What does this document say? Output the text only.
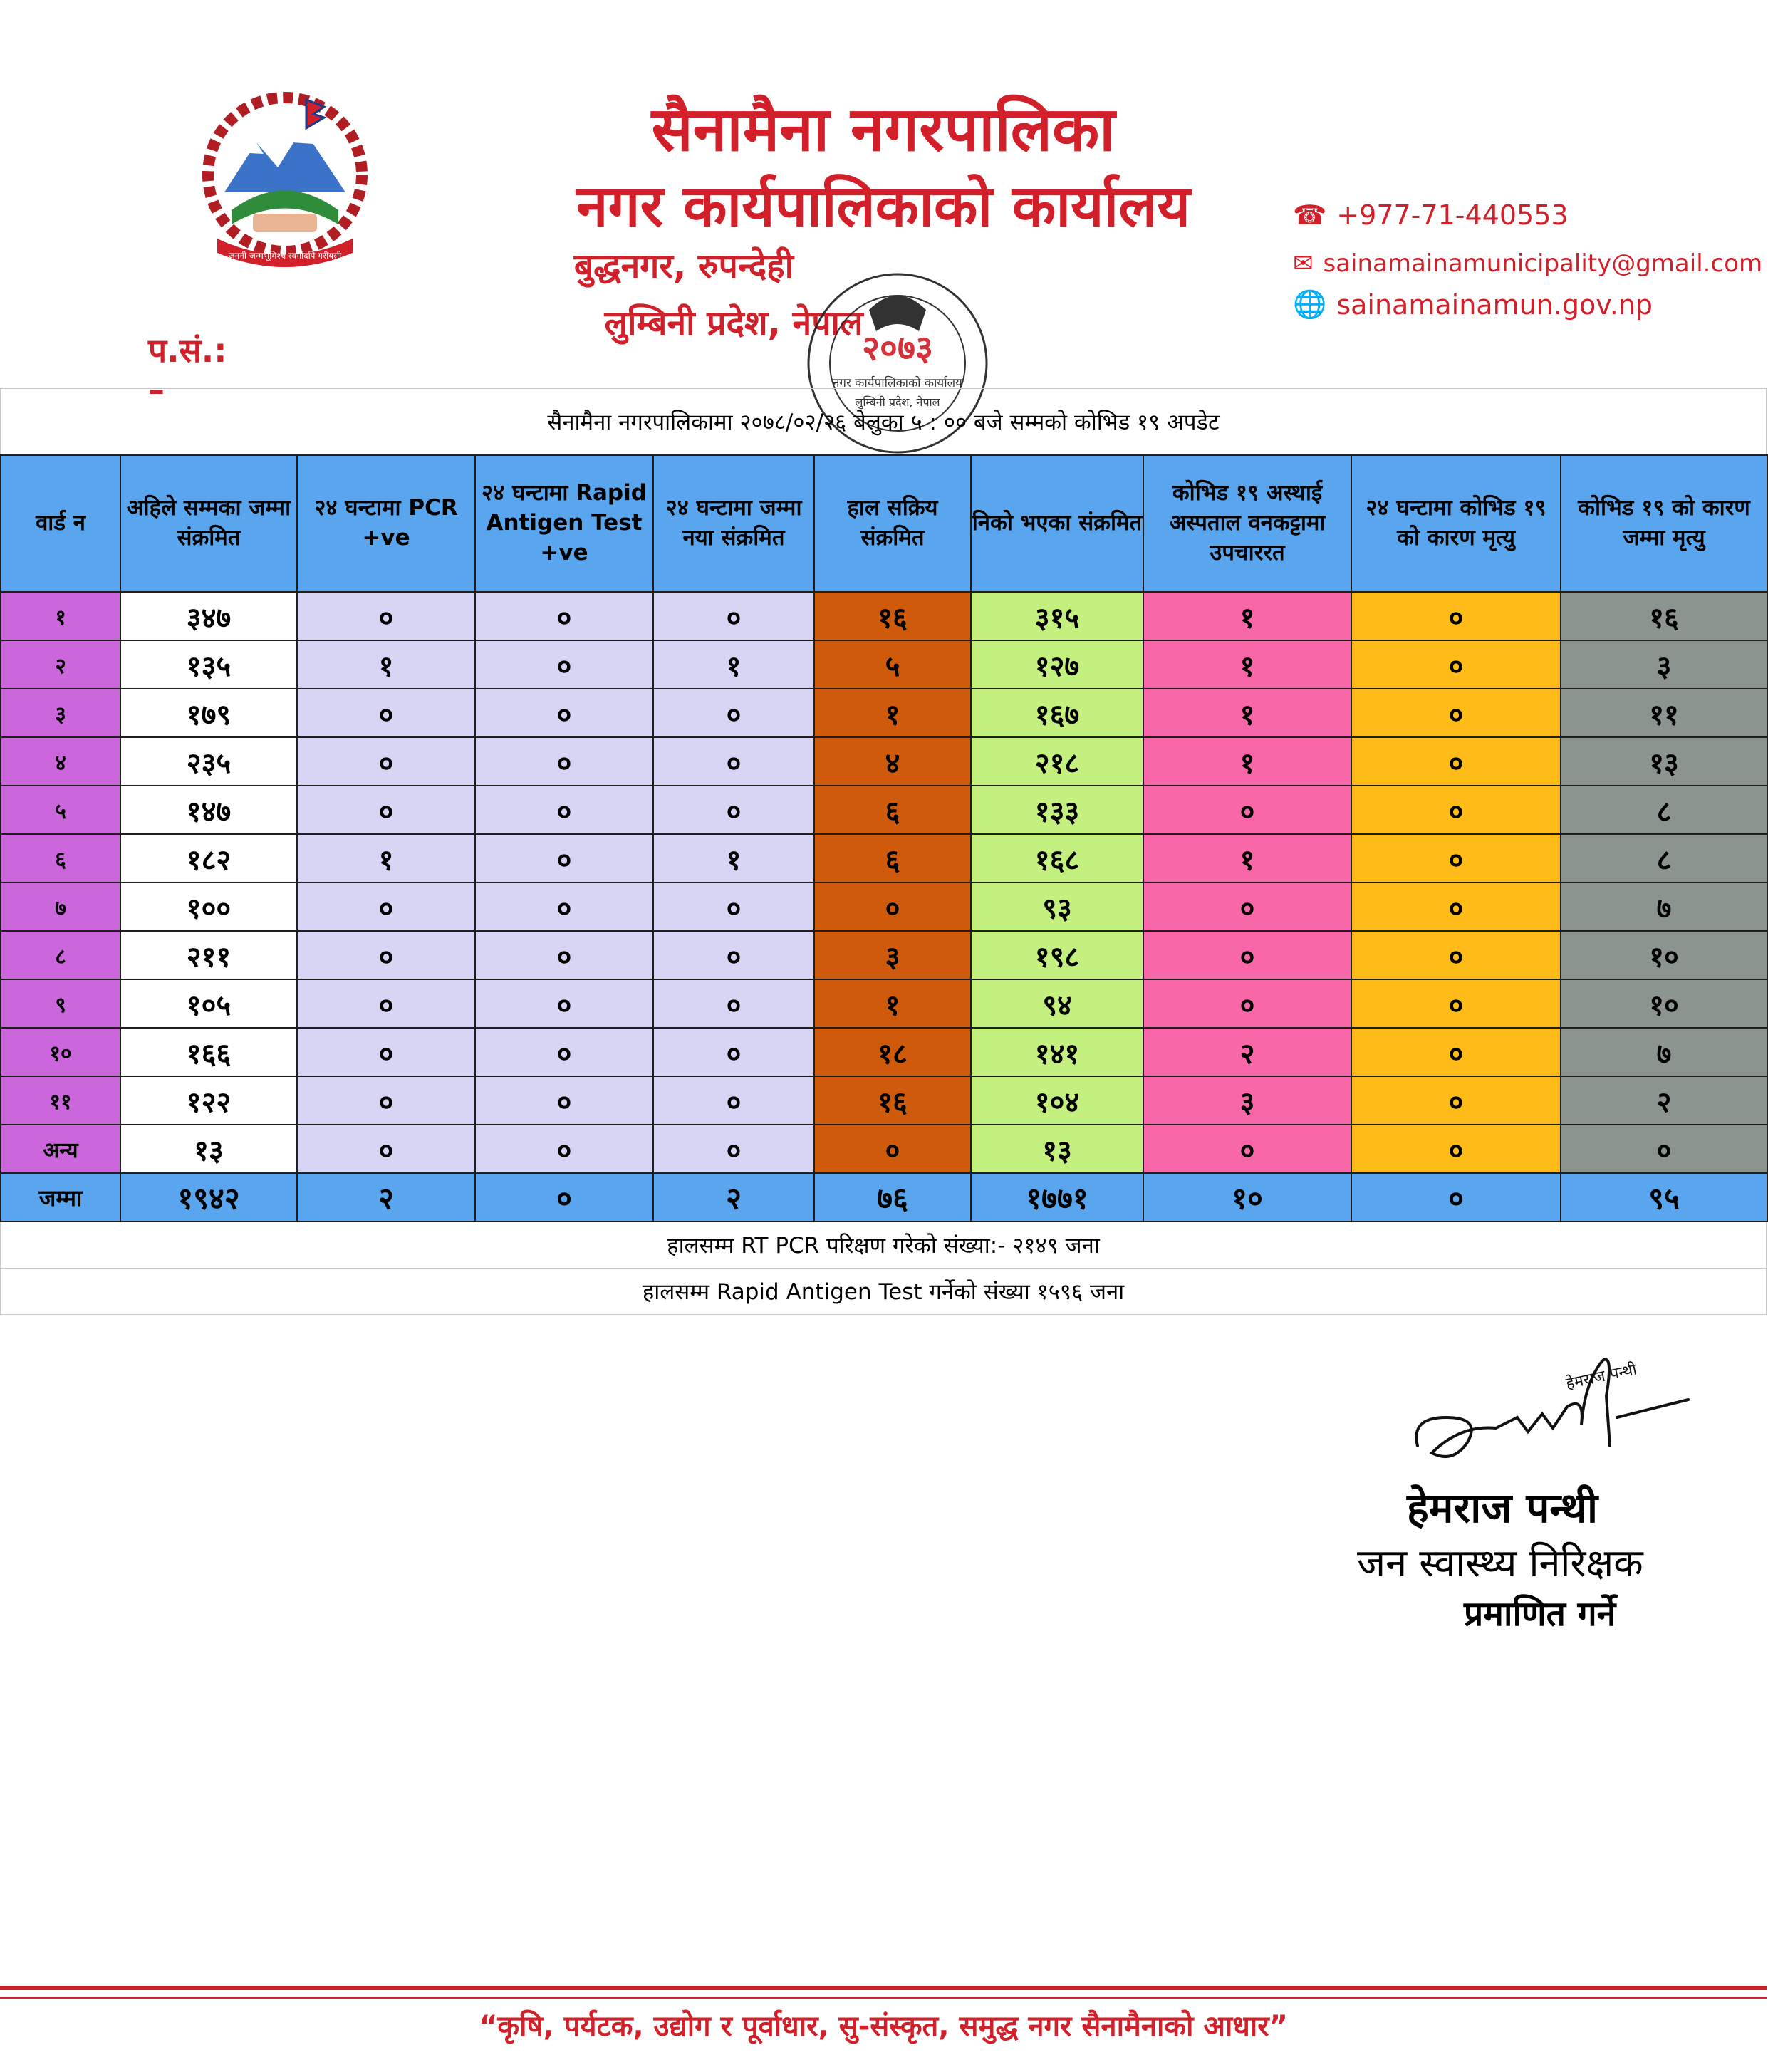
जननी जन्मभूमिश्च स्वर्गादपि गरीयसी
सैनामैना नगरपालिका
नगर कार्यपालिकाको कार्यालय
बुद्धनगर, रुपन्देही
लुम्बिनी प्रदेश, नेपाल
प.सं.:
–
☎ +977-71-440553
✉ sainamainamunicipality@gmail.com
🌐 sainamainamun.gov.np
२०७३
नगर कार्यपालिकाको कार्यालय
लुम्बिनी प्रदेश, नेपाल
सैनामैना नगरपालिकामा २०७८/०२/२६ बेलुका ५ : ०० बजे सम्मको कोभिड १९ अपडेट
वार्ड न	अहिले सम्मका जम्मा संक्रमित	२४ घन्टामा PCR +ve	२४ घन्टामा Rapid Antigen Test +ve	२४ घन्टामा जम्मा नया संक्रमित	हाल सक्रिय संक्रमित	निको भएका संक्रमित	कोभिड १९ अस्थाई अस्पताल वनकट्टामा उपचाररत	२४ घन्टामा कोभिड १९ को कारण मृत्यु	कोभिड १९ को कारण जम्मा मृत्यु
१	३४७	०	०	०	१६	३१५	१	०	१६
२	१३५	१	०	१	५	१२७	१	०	३
३	१७९	०	०	०	१	१६७	१	०	११
४	२३५	०	०	०	४	२१८	१	०	१३
५	१४७	०	०	०	६	१३३	०	०	८
६	१८२	१	०	१	६	१६८	१	०	८
७	१००	०	०	०	०	९३	०	०	७
८	२११	०	०	०	३	१९८	०	०	१०
९	१०५	०	०	०	१	९४	०	०	१०
१०	१६६	०	०	०	१८	१४१	२	०	७
११	१२२	०	०	०	१६	१०४	३	०	२
अन्य	१३	०	०	०	०	१३	०	०	०
जम्मा	१९४२	२	०	२	७६	१७७१	१०	०	९५
हालसम्म RT PCR परिक्षण गरेको संख्या:- २१४९ जना
हालसम्म Rapid Antigen Test गर्नेको संख्या १५९६ जना
हेमराज पन्थी
हेमराज पन्थी
जन स्वास्थ्य निरिक्षक
प्रमाणित गर्ने
“कृषि, पर्यटक, उद्योग र पूर्वाधार, सु-संस्कृत, समुद्ध नगर सैनामैनाको आधार”
